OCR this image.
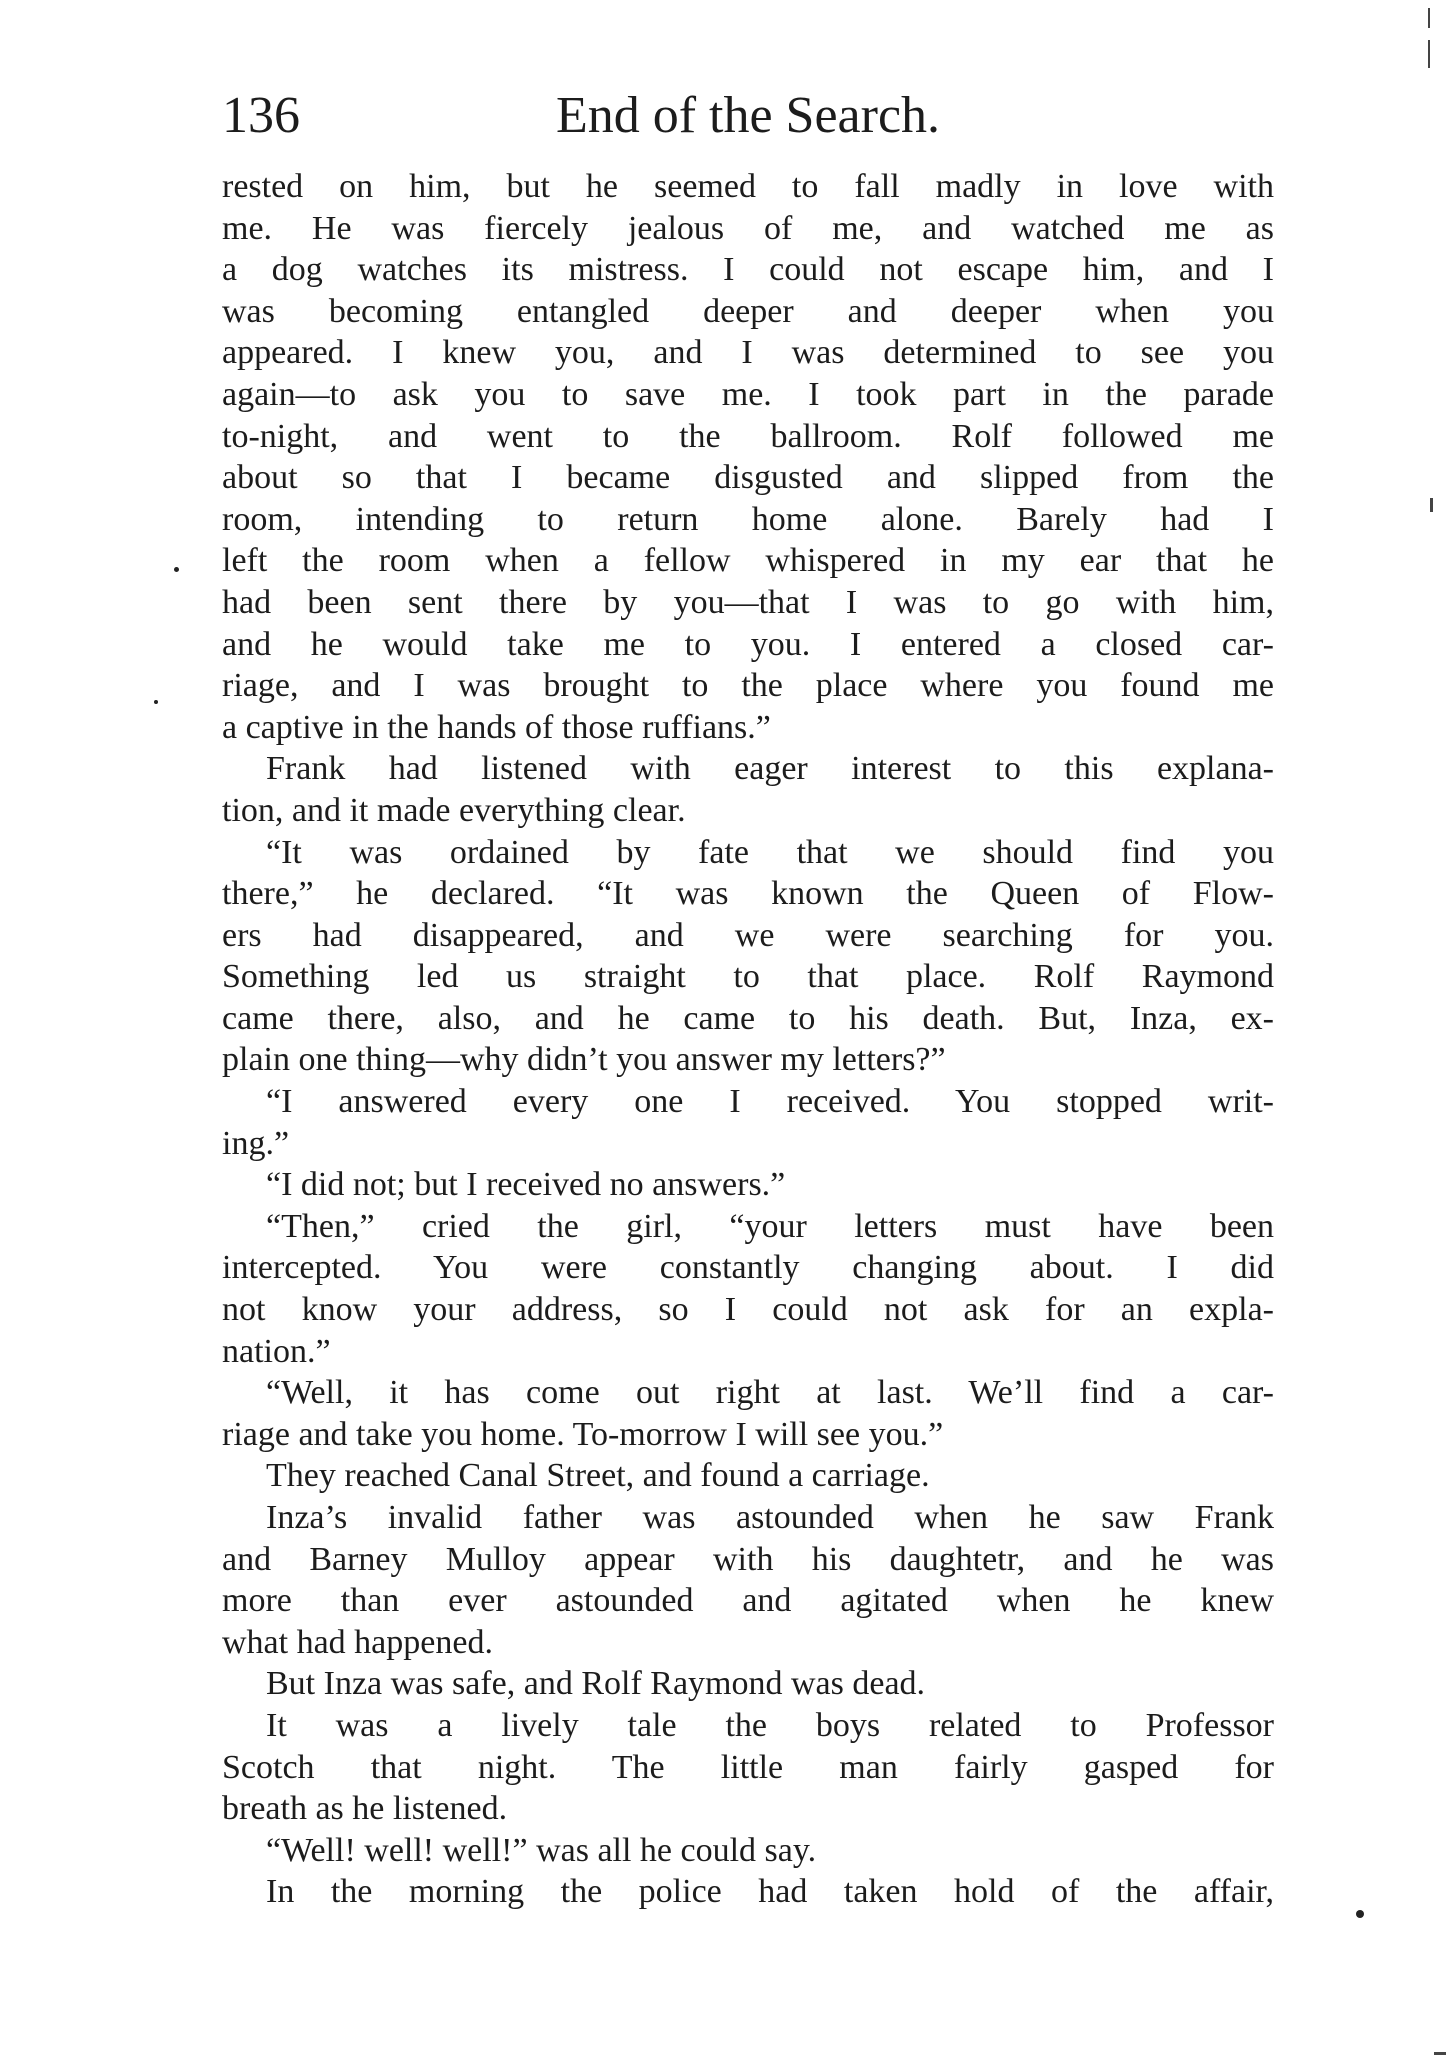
End of the Search.
136
rested on him, but he seemed to fall madly in love with
me. He was fiercely jealous of me, and watched me as
a dog watches its mistress. I could not escape him, and I
was becoming entangled deeper and deeper when you
appeared. I knew you, and I was determined to see you
again—to ask you to save me. I took part in the parade
to-night, and went to the ballroom. Rolf followed me
about so that I became disgusted and slipped from the
room, intending to return home alone. Barely had I
left the room when a fellow whispered in my ear that he
had been sent there by you—that I was to go with him,
and he would take me to you. I entered a closed car-
riage, and I was brought to the place where you found me
a captive in the hands of those ruffians.”
Frank had listened with eager interest to this explana-
tion, and it made everything clear.
“It was ordained by fate that we should find you
there,” he declared. “It was known the Queen of Flow-
ers had disappeared, and we were searching for you.
Something led us straight to that place. Rolf Raymond
came there, also, and he came to his death. But, Inza, ex-
plain one thing—why didn’t you answer my letters?”
“I answered every one I received. You stopped writ-
ing.”
“I did not; but I received no answers.”
“Then,” cried the girl, “your letters must have been
intercepted. You were constantly changing about. I did
not know your address, so I could not ask for an expla-
nation.”
“Well, it has come out right at last. We’ll find a car-
riage and take you home. To-morrow I will see you.”
They reached Canal Street, and found a carriage.
Inza’s invalid father was astounded when he saw Frank
and Barney Mulloy appear with his daughtetr, and he was
more than ever astounded and agitated when he knew
what had happened.
But Inza was safe, and Rolf Raymond was dead.
It was a lively tale the boys related to Professor
Scotch that night. The little man fairly gasped for
breath as he listened.
“Well! well! well!” was all he could say.
In the morning the police had taken hold of the affair,
